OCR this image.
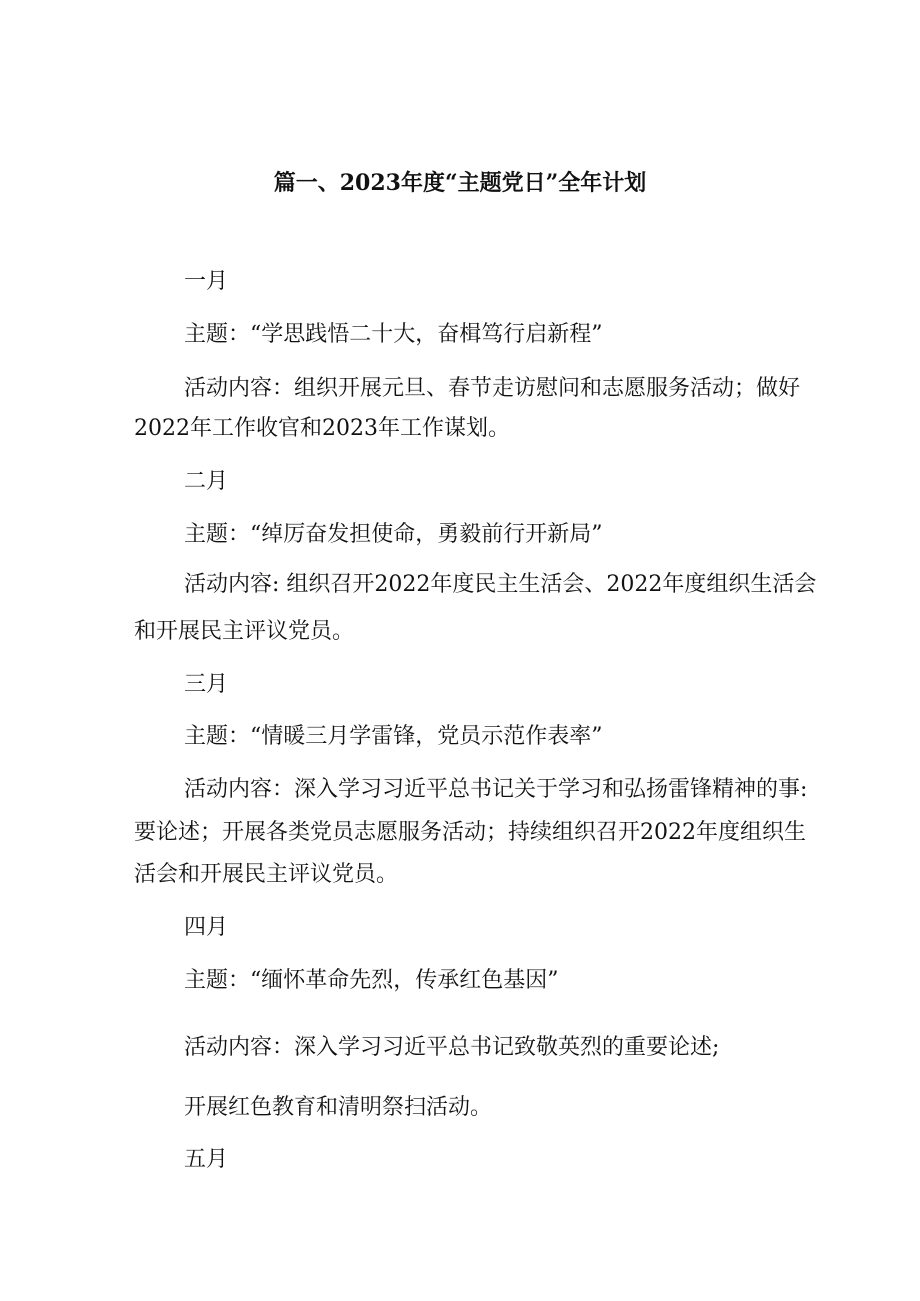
篇一、2023年度“主题党日”全年计划
一月
主题：“学思践悟二十大，奋楫笃行启新程”
活动内容：组织开展元旦、春节走访慰问和志愿服务活动；做好
2022年工作收官和2023年工作谋划。
二月
主题：“绰厉奋发担使命，勇毅前行开新局”
活动内容: 组织召开2022年度民主生活会、2022年度组织生活会
和开展民主评议党员。
三月
主题：“情暖三月学雷锋，党员示范作表率”
活动内容：深入学习习近平总书记关于学习和弘扬雷锋精神的事:
要论述；开展各类党员志愿服务活动；持续组织召开2022年度组织生
活会和开展民主评议党员。
四月
主题：“缅怀革命先烈，传承红色基因”
活动内容：深入学习习近平总书记致敬英烈的重要论述;
开展红色教育和清明祭扫活动。
五月
